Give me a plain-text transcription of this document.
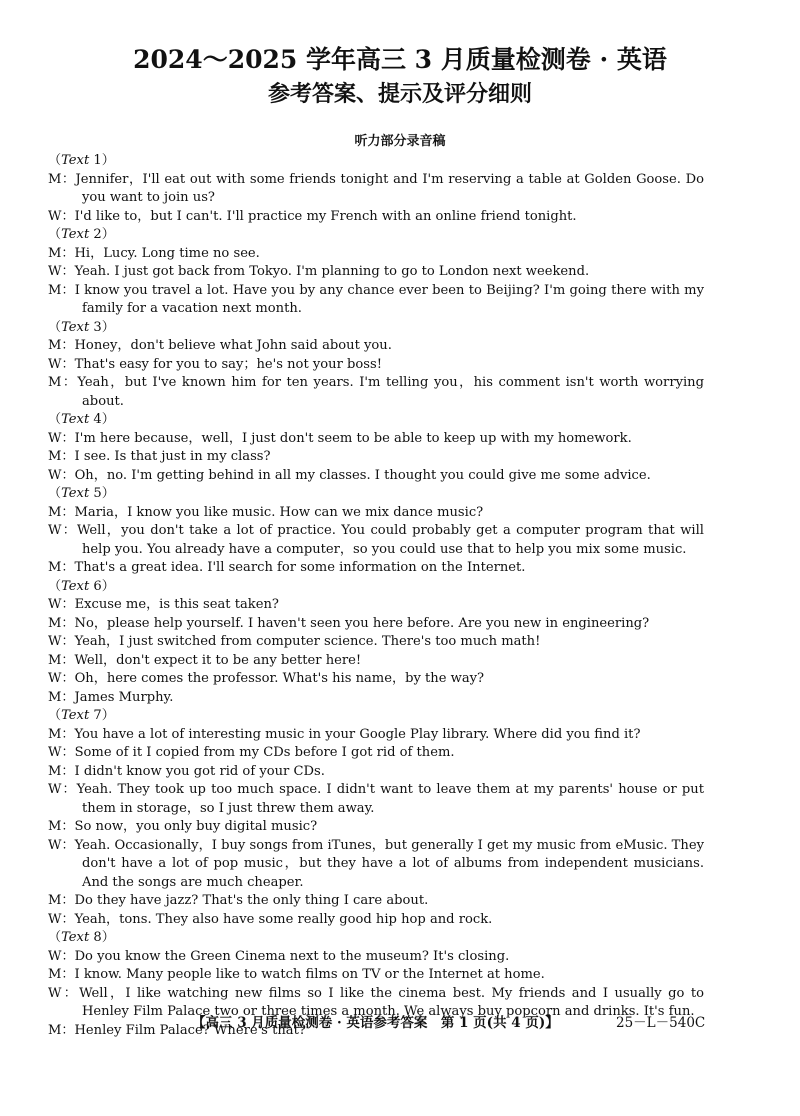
2024～2025 学年高三 3 月质量检测卷 · 英语
参考答案、提示及评分细则
听力部分录音稿
（Text 1）
M：Jennifer，I'll eat out with some friends tonight and I'm reserving a table at Golden Goose. Do you want to join us?
W：I'd like to，but I can't. I'll practice my French with an online friend tonight.
（Text 2）
M：Hi，Lucy. Long time no see.
W：Yeah. I just got back from Tokyo. I'm planning to go to London next weekend.
M：I know you travel a lot. Have you by any chance ever been to Beijing? I'm going there with my family for a vacation next month.
（Text 3）
M：Honey，don't believe what John said about you.
W：That's easy for you to say；he's not your boss!
M：Yeah，but I've known him for ten years. I'm telling you，his comment isn't worth worrying about.
（Text 4）
W：I'm here because，well，I just don't seem to be able to keep up with my homework.
M：I see. Is that just in my class?
W：Oh，no. I'm getting behind in all my classes. I thought you could give me some advice.
（Text 5）
M：Maria，I know you like music. How can we mix dance music?
W：Well，you don't take a lot of practice. You could probably get a computer program that will help you. You already have a computer，so you could use that to help you mix some music.
M：That's a great idea. I'll search for some information on the Internet.
（Text 6）
W：Excuse me，is this seat taken?
M：No，please help yourself. I haven't seen you here before. Are you new in engineering?
W：Yeah，I just switched from computer science. There's too much math!
M：Well，don't expect it to be any better here!
W：Oh，here comes the professor. What's his name，by the way?
M：James Murphy.
（Text 7）
M：You have a lot of interesting music in your Google Play library. Where did you find it?
W：Some of it I copied from my CDs before I got rid of them.
M：I didn't know you got rid of your CDs.
W：Yeah. They took up too much space. I didn't want to leave them at my parents' house or put them in storage，so I just threw them away.
M：So now，you only buy digital music?
W：Yeah. Occasionally，I buy songs from iTunes，but generally I get my music from eMusic. They don't have a lot of pop music，but they have a lot of albums from independent musicians. And the songs are much cheaper.
M：Do they have jazz? That's the only thing I care about.
W：Yeah，tons. They also have some really good hip hop and rock.
（Text 8）
W：Do you know the Green Cinema next to the museum? It's closing.
M：I know. Many people like to watch films on TV or the Internet at home.
W：Well，I like watching new films so I like the cinema best. My friends and I usually go to Henley Film Palace two or three times a month. We always buy popcorn and drinks. It's fun.
M：Henley Film Palace? Where's that?
【高三 3 月质量检测卷 · 英语参考答案　第 1 页(共 4 页)】	25－L－540C
